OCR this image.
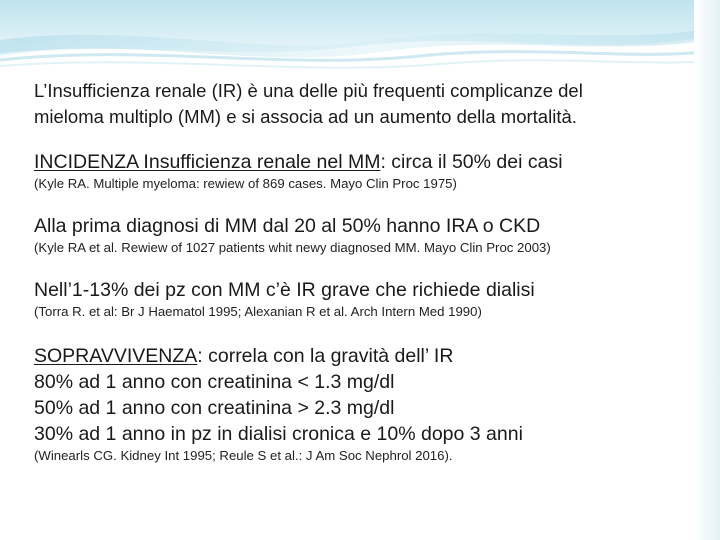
L’Insufficienza renale (IR) è una delle più frequenti complicanze del

mieloma multiplo (MM) e si associa ad un aumento della mortalità.

INCIDENZA Insufficienza renale nel MM: circa il 50% dei casi

(Kyle RA. Multiple myeloma: rewiew of 869 cases. Mayo Clin Proc 1975)

Alla prima diagnosi di MM dal 20 al 50% hanno IRA o CKD

(Kyle RA et al. Rewiew of 1027 patients whit newy diagnosed MM. Mayo Clin Proc 2003)

Nell’1-13% dei pz con MM c’è IR grave che richiede dialisi

(Torra R. et al: Br J Haematol 1995; Alexanian R et al. Arch Intern Med 1990)

SOPRAVVIVENZA: correla con la gravità dell’ IR

80% ad 1 anno con creatinina < 1.3 mg/dl

50% ad 1 anno con creatinina > 2.3 mg/dl

30% ad 1 anno in pz in dialisi cronica e 10% dopo 3 anni

(Winearls CG. Kidney Int 1995; Reule S et al.: J Am Soc Nephrol 2016).
